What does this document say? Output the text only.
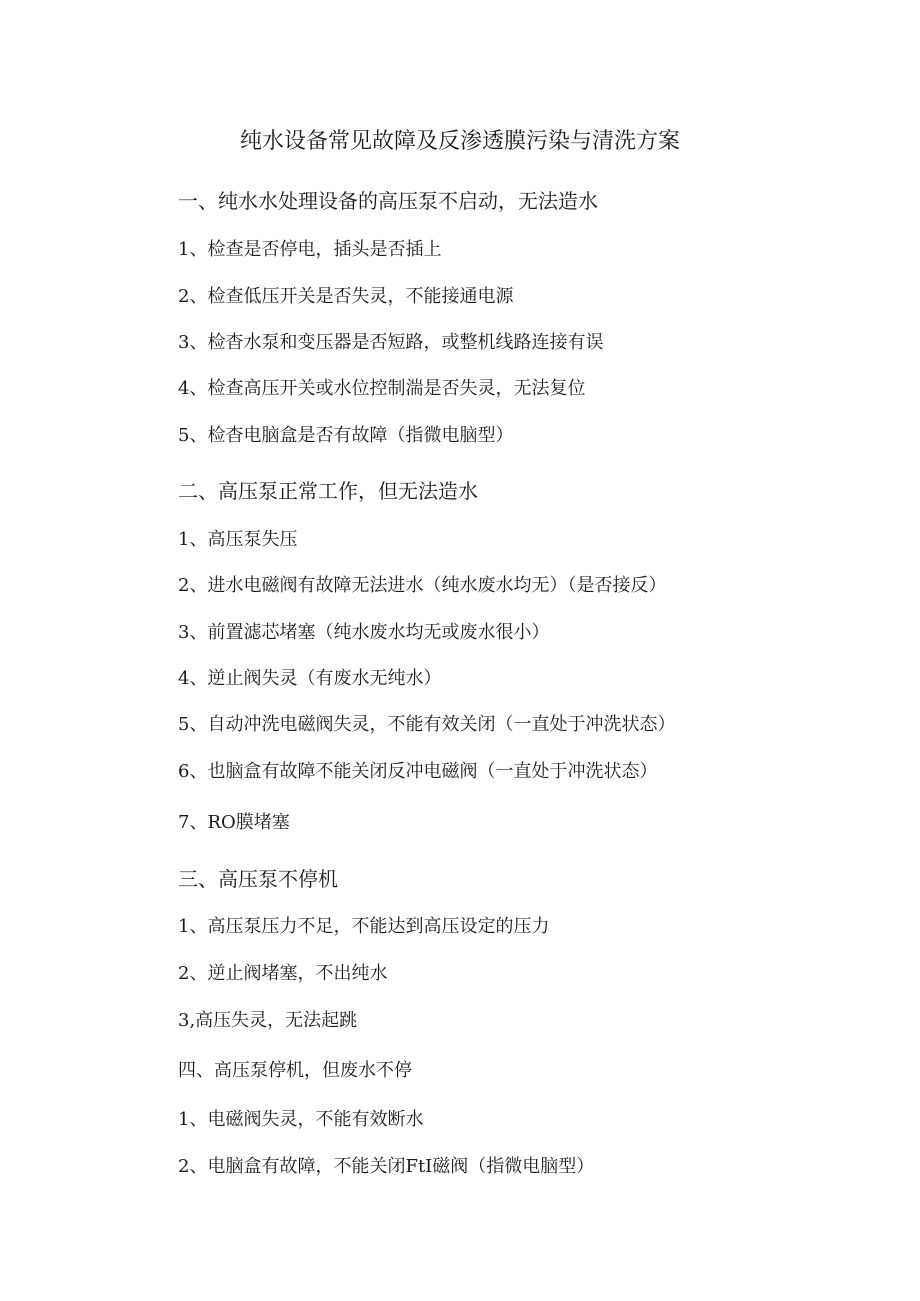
纯水设备常见故障及反渗透膜污染与清洗方案
一、纯水水处理设备的高压泵不启动，无法造水
1、检查是否停电，插头是否插上
2、检查低压开关是否失灵，不能接通电源
3、检杳水泵和变压器是否短路，或整机线路连接有误
4、检查高压开关或水位控制湍是否失灵，无法复位
5、检杳电脑盒是否有故障（指微电脑型）
二、高压泵正常工作，但无法造水
1、高压泵失压
2、进水电磁阀有故障无法进水（纯水废水均无）（是否接反）
3、前置滤芯堵塞（纯水废水均无或废水很小）
4、逆止阀失灵（有废水无纯水）
5、自动冲洗电磁阀失灵，不能有效关闭（一直处于冲洗状态）
6、也脑盒有故障不能关闭反冲电磁阀（一直处于冲洗状态）
7、RO膜堵塞
三、高压泵不停机
1、高压泵压力不足，不能达到高压设定的压力
2、逆止阀堵塞，不出纯水
3,高压失灵，无法起跳
四、高压泵停机，但废水不停
1、电磁阀失灵，不能有效断水
2、电脑盒有故障，不能关闭FtI磁阀（指微电脑型）
